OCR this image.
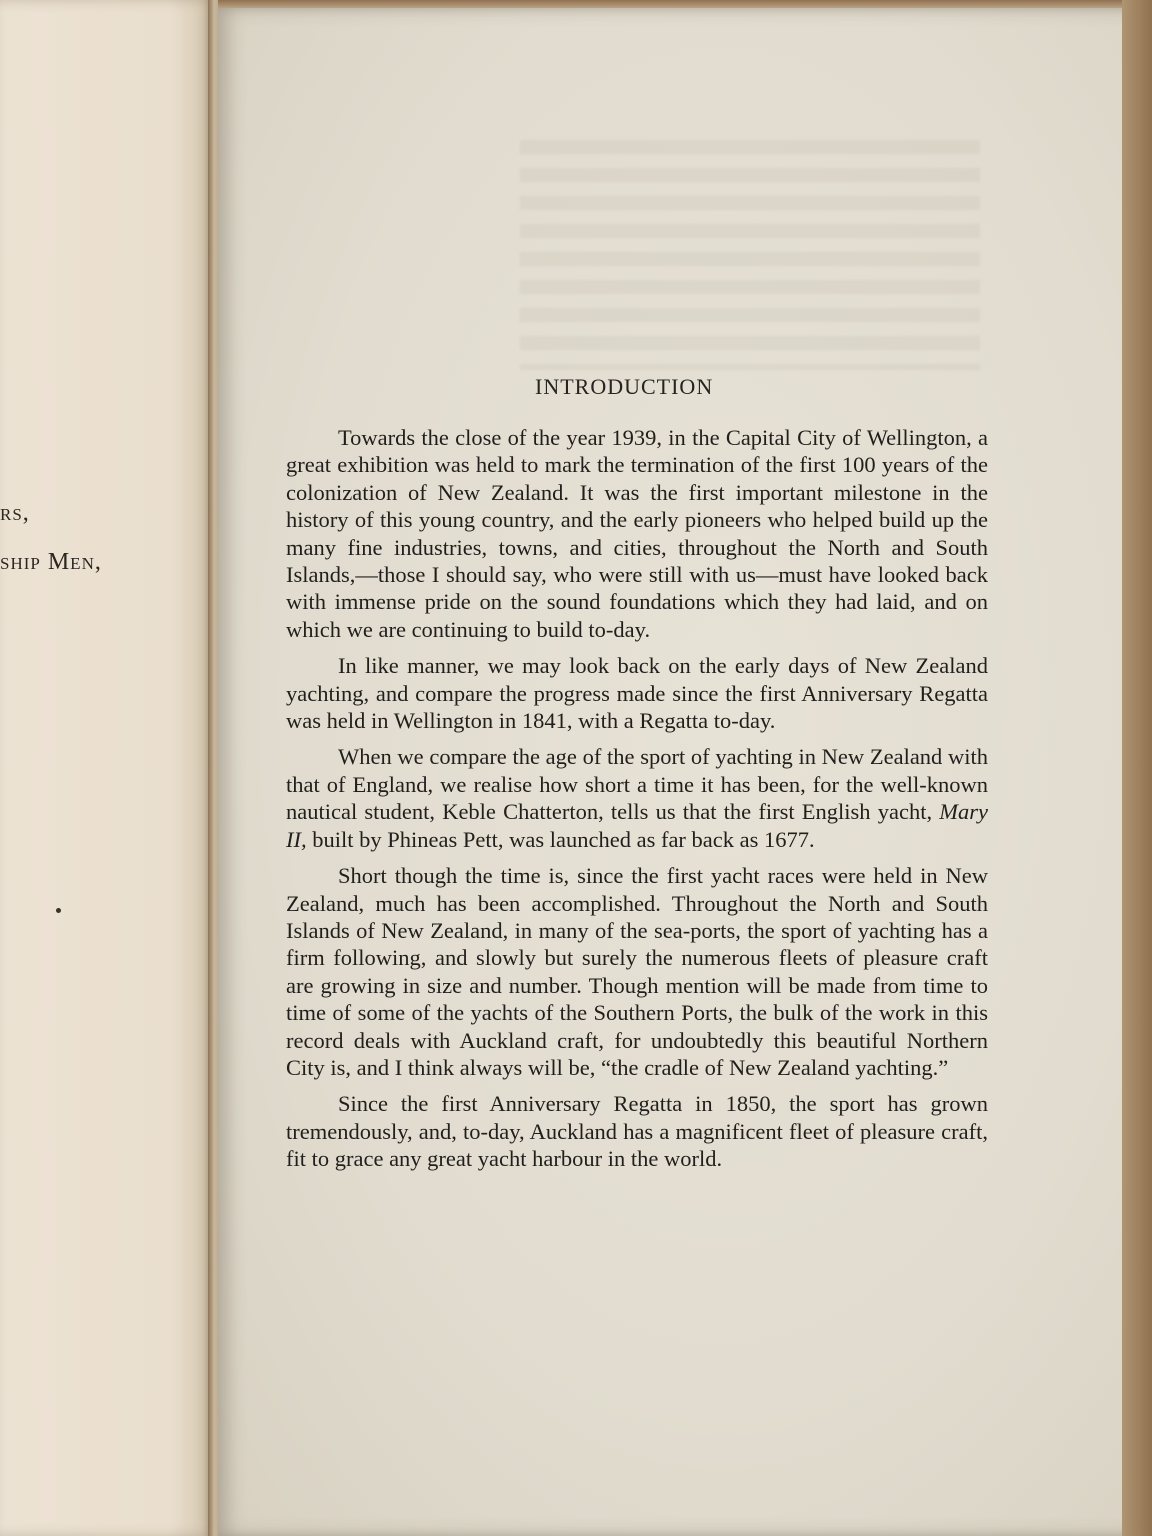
rs,
ship Men,
INTRODUCTION

Towards the close of the year 1939, in the Capital City of Wellington, a great exhibition was held to mark the termination of the first 100 years of the colonization of New Zealand. It was the first important milestone in the history of this young country, and the early pioneers who helped build up the many fine industries, towns, and cities, throughout the North and South Islands,—those I should say, who were still with us—must have looked back with immense pride on the sound foundations which they had laid, and on which we are continuing to build to-day.

In like manner, we may look back on the early days of New Zealand yachting, and compare the progress made since the first Anniversary Regatta was held in Wellington in 1841, with a Regatta to-day.

When we compare the age of the sport of yachting in New Zealand with that of England, we realise how short a time it has been, for the well-known nautical student, Keble Chatterton, tells us that the first English yacht, Mary II, built by Phineas Pett, was launched as far back as 1677.

Short though the time is, since the first yacht races were held in New Zealand, much has been accomplished. Throughout the North and South Islands of New Zealand, in many of the sea-ports, the sport of yachting has a firm following, and slowly but surely the numerous fleets of pleasure craft are growing in size and number. Though mention will be made from time to time of some of the yachts of the Southern Ports, the bulk of the work in this record deals with Auckland craft, for undoubtedly this beautiful Northern City is, and I think always will be, “the cradle of New Zealand yachting.”

Since the first Anniversary Regatta in 1850, the sport has grown tremendously, and, to-day, Auckland has a magnificent fleet of pleasure craft, fit to grace any great yacht harbour in the world.
